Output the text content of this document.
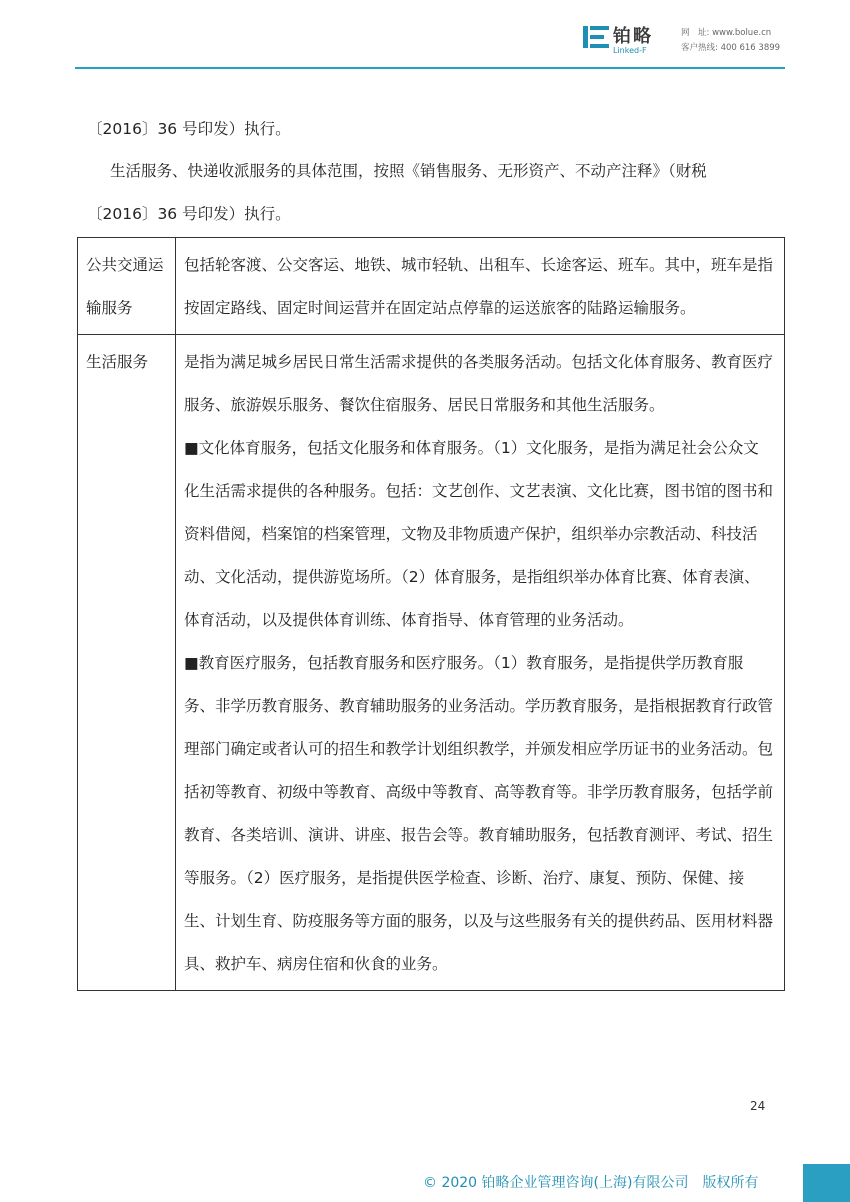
铂略
Linked-F
网　址: www.bolue.cn
客户热线: 400 616 3899
〔2016〕36 号印发）执行。
生活服务、快递收派服务的具体范围，按照《销售服务、无形资产、不动产注释》（财税
〔2016〕36 号印发）执行。
公共交通运输服务

包括轮客渡、公交客运、地铁、城市轻轨、出租车、长途客运、班车。其中，班车是指按固定路线、固定时间运营并在固定站点停靠的运送旅客的陆路运输服务。

生活服务	是指为满足城乡居民日常生活需求提供的各类服务活动。包括文化体育服务、教育医疗服务、旅游娱乐服务、餐饮住宿服务、居民日常服务和其他生活服务。

■文化体育服务，包括文化服务和体育服务。（1）文化服务，是指为满足社会公众文化生活需求提供的各种服务。包括：文艺创作、文艺表演、文化比赛，图书馆的图书和资料借阅，档案馆的档案管理，文物及非物质遗产保护，组织举办宗教活动、科技活动、文化活动，提供游览场所。（2）体育服务，是指组织举办体育比赛、体育表演、体育活动，以及提供体育训练、体育指导、体育管理的业务活动。

■教育医疗服务，包括教育服务和医疗服务。（1）教育服务，是指提供学历教育服务、非学历教育服务、教育辅助服务的业务活动。学历教育服务，是指根据教育行政管理部门确定或者认可的招生和教学计划组织教学，并颁发相应学历证书的业务活动。包括初等教育、初级中等教育、高级中等教育、高等教育等。非学历教育服务，包括学前教育、各类培训、演讲、讲座、报告会等。教育辅助服务，包括教育测评、考试、招生等服务。（2）医疗服务，是指提供医学检查、诊断、治疗、康复、预防、保健、接生、计划生育、防疫服务等方面的服务，以及与这些服务有关的提供药品、医用材料器具、救护车、病房住宿和伙食的业务。

24
© 2020 铂略企业管理咨询(上海)有限公司　版权所有
